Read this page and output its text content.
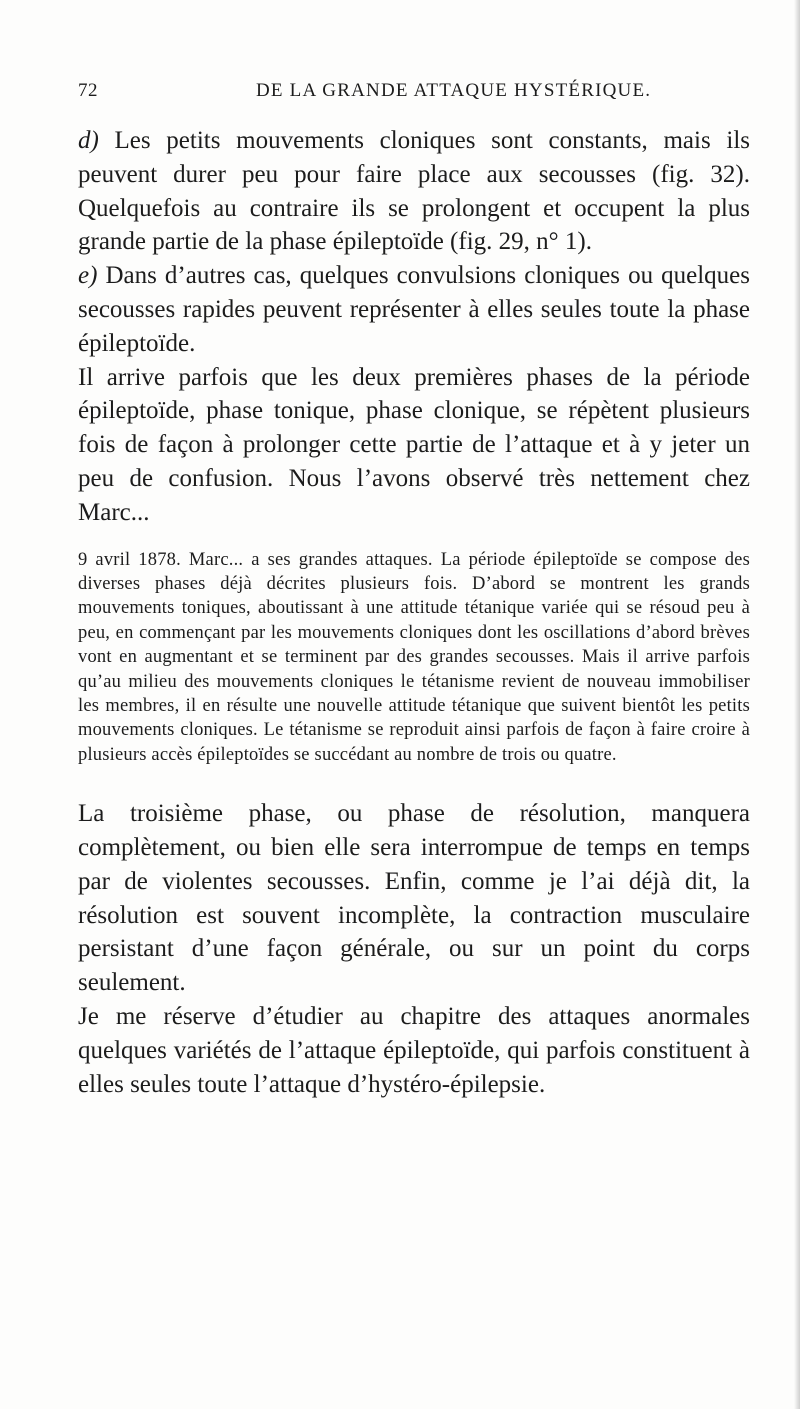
72	DE LA GRANDE ATTAQUE HYSTÉRIQUE.

d) Les petits mouvements cloniques sont constants, mais ils peuvent durer peu pour faire place aux secousses (fig. 32). Quelquefois au contraire ils se prolongent et occupent la plus grande partie de la phase épileptoïde (fig. 29, n° 1).

e) Dans d’autres cas, quelques convulsions cloniques ou quelques secousses rapides peuvent représenter à elles seules toute la phase épileptoïde.

Il arrive parfois que les deux premières phases de la période épileptoïde, phase tonique, phase clonique, se répètent plusieurs fois de façon à prolonger cette partie de l’attaque et à y jeter un peu de confusion. Nous l’avons observé très nettement chez Marc...

9 avril 1878. Marc... a ses grandes attaques. La période épileptoïde se compose des diverses phases déjà décrites plusieurs fois. D’abord se montrent les grands mouvements toniques, aboutissant à une attitude tétanique variée qui se résoud peu à peu, en commençant par les mouvements cloniques dont les oscillations d’abord brèves vont en augmentant et se terminent par des grandes secousses. Mais il arrive parfois qu’au milieu des mouvements cloniques le tétanisme revient de nouveau immobiliser les membres, il en résulte une nouvelle attitude tétanique que suivent bientôt les petits mouvements cloniques. Le tétanisme se reproduit ainsi parfois de façon à faire croire à plusieurs accès épileptoïdes se succédant au nombre de trois ou quatre.

La troisième phase, ou phase de résolution, manquera complètement, ou bien elle sera interrompue de temps en temps par de violentes secousses. Enfin, comme je l’ai déjà dit, la résolution est souvent incomplète, la contraction musculaire persistant d’une façon générale, ou sur un point du corps seulement.

Je me réserve d’étudier au chapitre des attaques anormales quelques variétés de l’attaque épileptoïde, qui parfois constituent à elles seules toute l’attaque d’hystéro-épilepsie.
